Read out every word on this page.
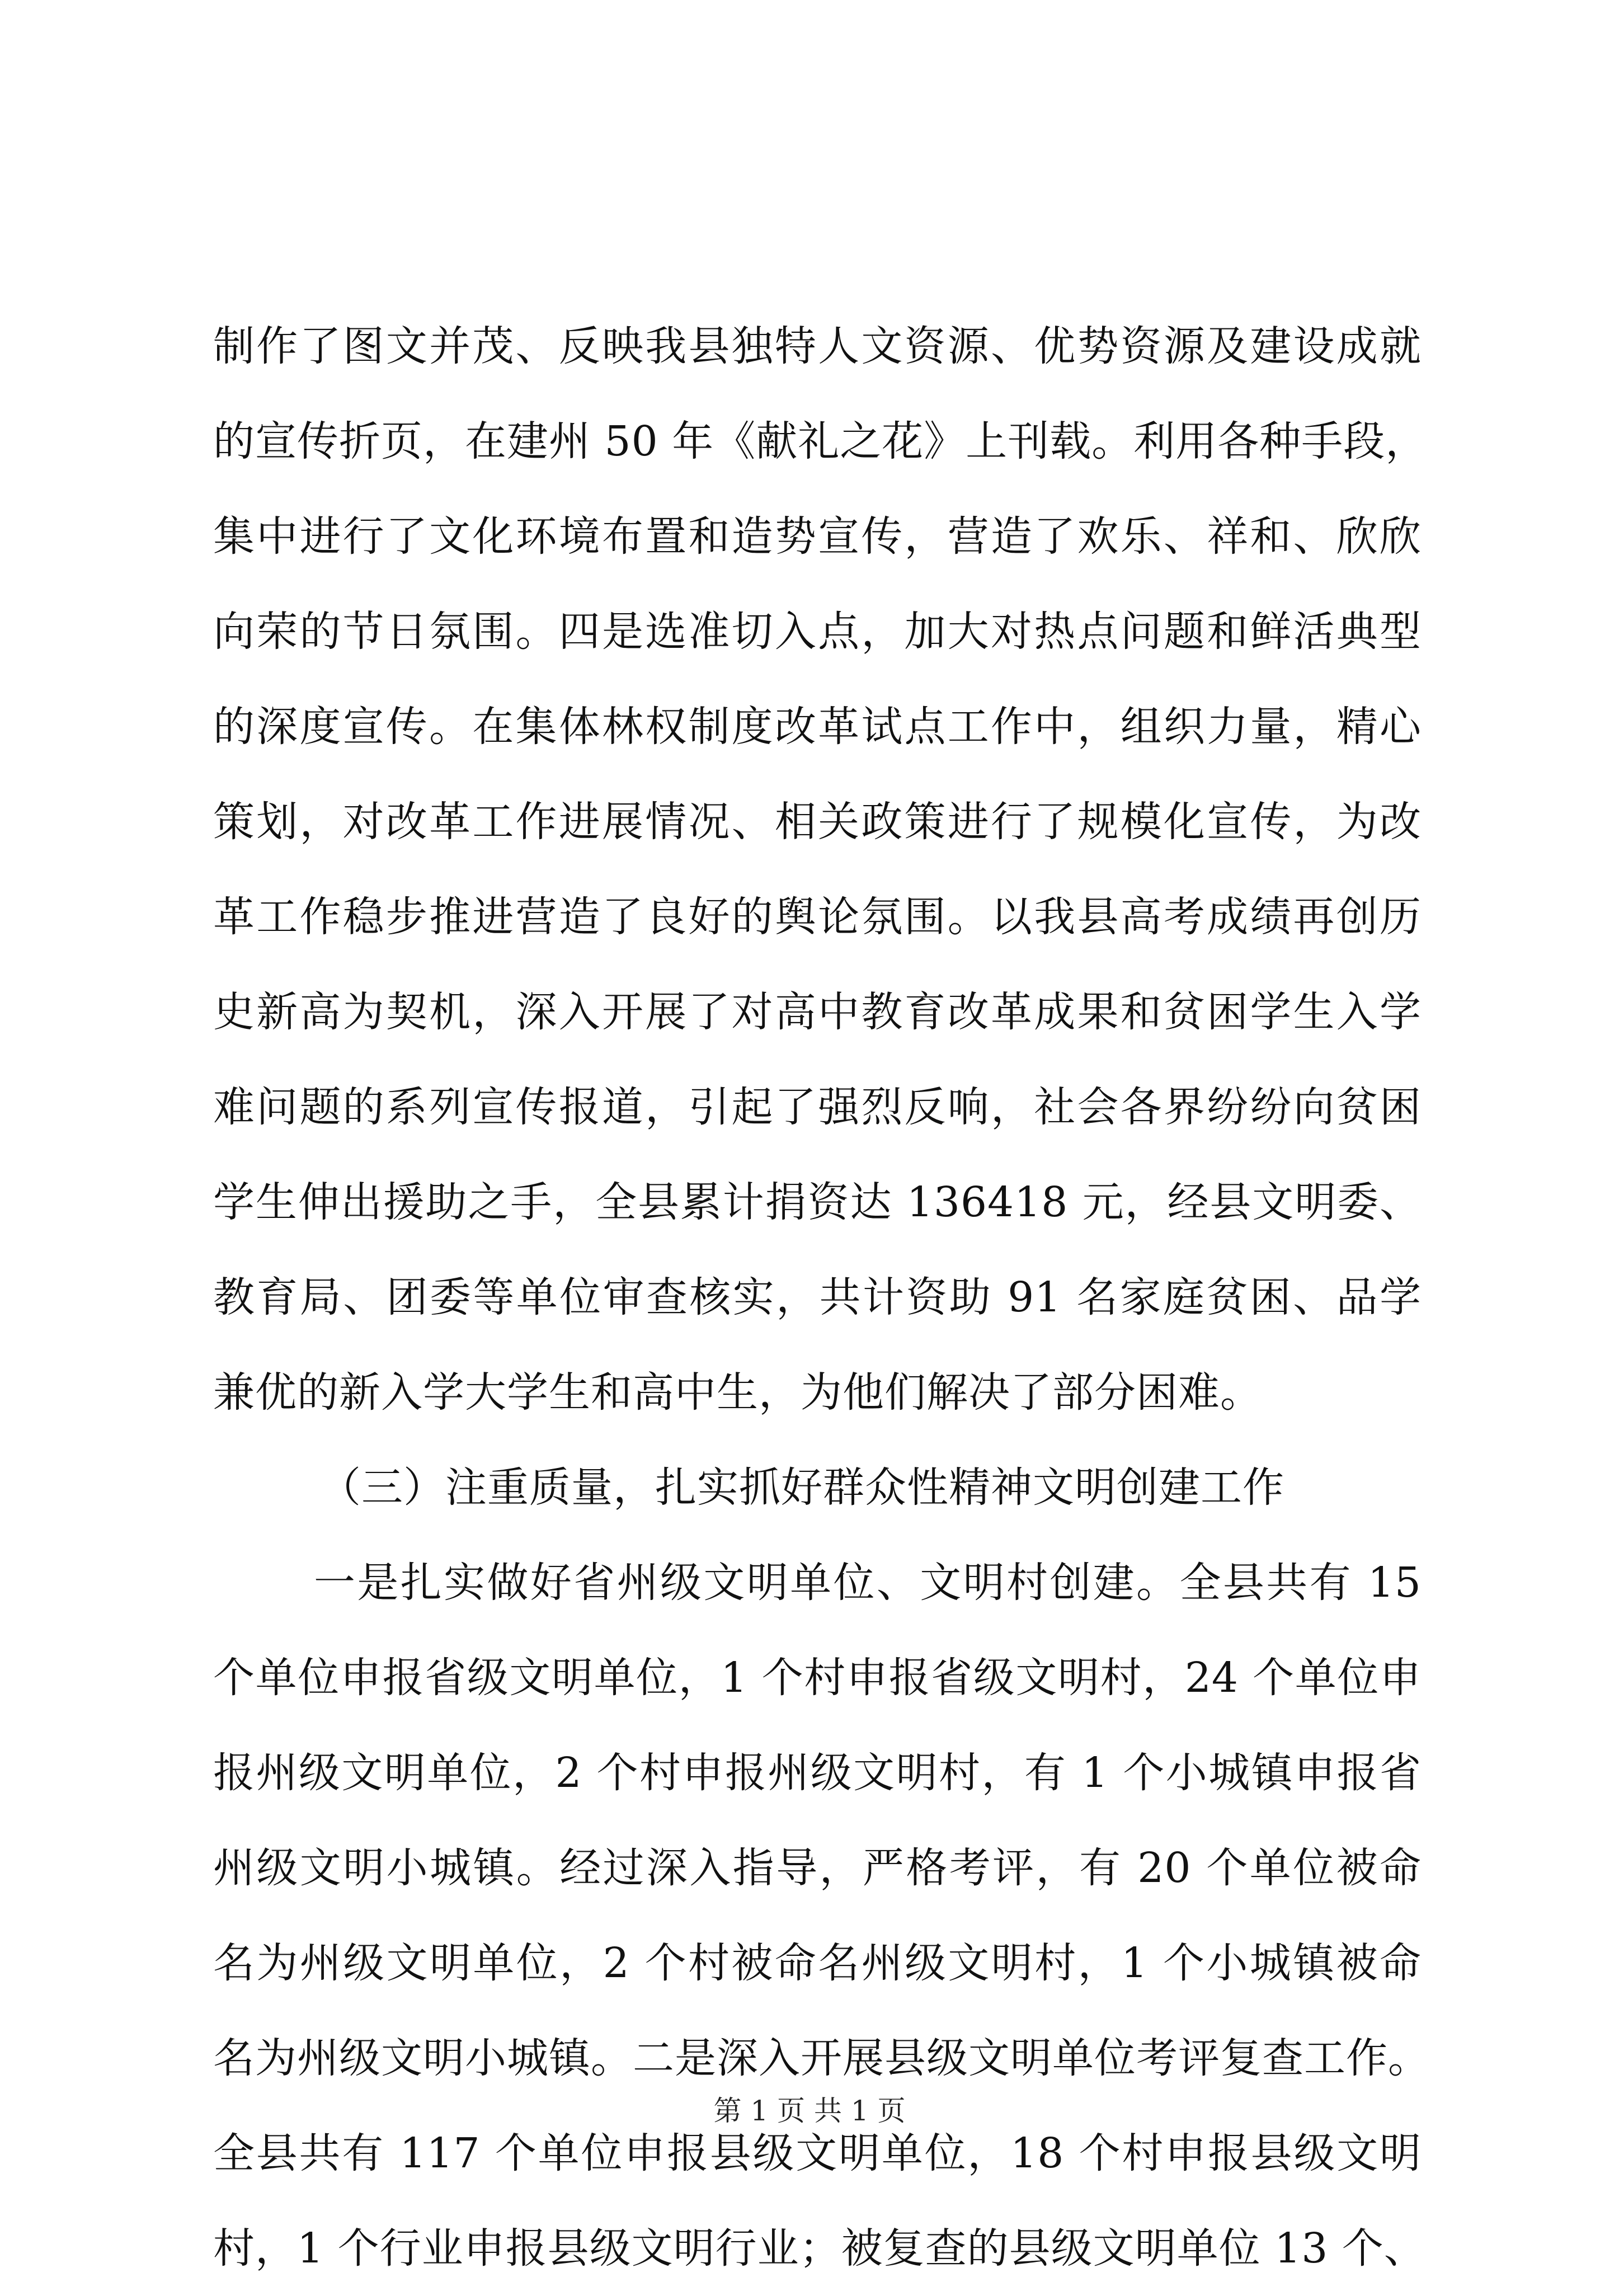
制作了图文并茂、反映我县独特人文资源、优势资源及建设成就
的宣传折页，在建州 50 年《献礼之花》上刊载。利用各种手段，
集中进行了文化环境布置和造势宣传，营造了欢乐、祥和、欣欣
向荣的节日氛围。四是选准切入点，加大对热点问题和鲜活典型
的深度宣传。在集体林权制度改革试点工作中，组织力量，精心
策划，对改革工作进展情况、相关政策进行了规模化宣传，为改
革工作稳步推进营造了良好的舆论氛围。以我县高考成绩再创历
史新高为契机，深入开展了对高中教育改革成果和贫困学生入学
难问题的系列宣传报道，引起了强烈反响，社会各界纷纷向贫困
学生伸出援助之手，全县累计捐资达 136418 元，经县文明委、
教育局、团委等单位审查核实，共计资助 91 名家庭贫困、品学
兼优的新入学大学生和高中生，为他们解决了部分困难。
（三）注重质量，扎实抓好群众性精神文明创建工作
一是扎实做好省州级文明单位、文明村创建。全县共有 15
个单位申报省级文明单位，1 个村申报省级文明村，24 个单位申
报州级文明单位，2 个村申报州级文明村，有 1 个小城镇申报省
州级文明小城镇。经过深入指导，严格考评，有 20 个单位被命
名为州级文明单位，2 个村被命名州级文明村，1 个小城镇被命
名为州级文明小城镇。二是深入开展县级文明单位考评复查工作。
全县共有 117 个单位申报县级文明单位，18 个村申报县级文明
村，1 个行业申报县级文明行业；被复查的县级文明单位 13 个、
第 1 页 共 1 页
